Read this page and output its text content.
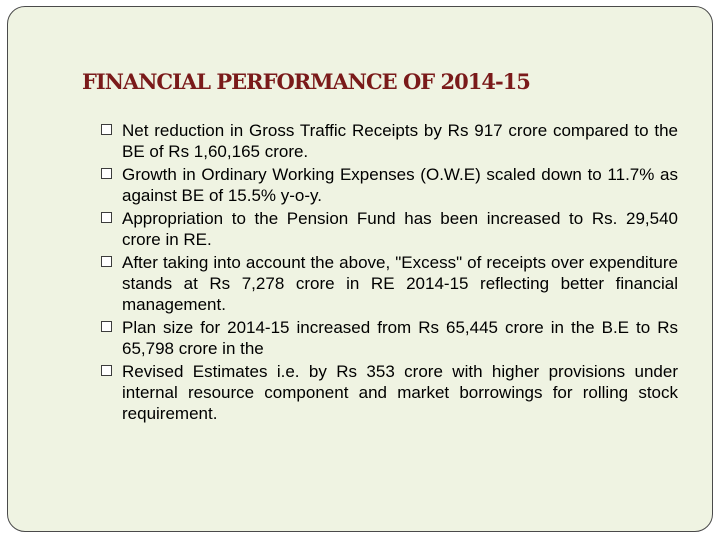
FINANCIAL PERFORMANCE OF 2014-15
Net reduction in Gross Traffic Receipts by Rs 917 crore compared to the BE of Rs 1,60,165 crore.
Growth in Ordinary Working Expenses (O.W.E) scaled down to 11.7% as against BE of 15.5% y-o-y.
Appropriation to the Pension Fund has been increased to Rs. 29,540 crore in RE.
After taking into account the above, "Excess" of receipts over expenditure stands at Rs 7,278 crore in RE 2014-15 reflecting better financial management.
Plan size for 2014-15 increased from Rs 65,445 crore in the B.E to Rs 65,798 crore in the
Revised Estimates i.e. by Rs 353 crore with higher provisions under internal resource component and market borrowings for rolling stock requirement.
